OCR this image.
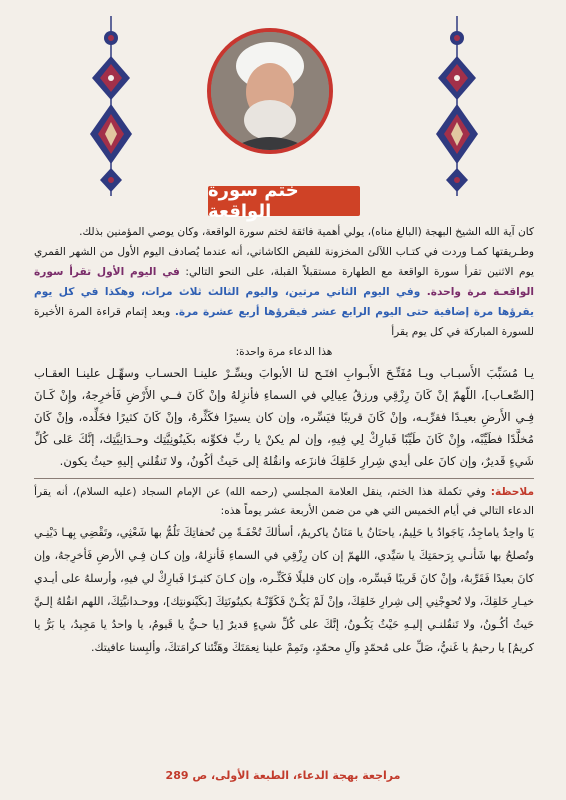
ختم سورة الواقعة

كان آية الله الشيخ البهجة (البالغ مناه)، يولي أهمية فائقة لختم سورة الواقعة، وكان يوصي المؤمنين بذلك.

وطـريقتها كمـا وردت في كتـاب اللآلئ المخزونة للفيض الكاشاني، أنه عندما يُصادف اليوم الأول من الشهر القمري يوم الاثنين تقرأ سورة الواقعة مع الطهارة مستقبلاً القبلة، على النحو التالي: في اليوم الأول تقرأ سورة الواقعـة مرة واحدة. وفي اليوم الثاني مرتين، واليوم الثالث ثلاث مرات، وهكذا في كل يوم يقرؤها مرة إضافية حتى اليوم الرابع عشر فيقرؤها أربع عشرة مرة. وبعد إتمام قراءة المرة الأخيرة للسورة المباركة في كل يوم يقرأ

هذا الدعاء مرة واحدة:

يـا مُسَبِّبَ الأَسبـاب ويـا مُفَتِّـحَ الأَبـوابِ افتَـح لنا الأبوابَ ويسِّـرْ علينـا الحسـاب وسهِّـل علينـا العقـاب [الصِّعـاب]، اللّهمّ إنْ كَانَ رِزْقِي ورزقُ عِيالِي في السماءِ فأنزِلهُ وإنْ كَانَ فــي الأَرْضِ فَأخرِجهُ، وإِنْ كَـانَ فِـي الأَرضِ بعيـدًا فقرِّبـه، وإنْ كَانَ قريبًا فيَسِّره، وإن كان يسيرًا فكَثِّرهُ، وإنْ كَانَ كثيرًا فخَلِّده، وإنْ كَانَ مُخلَّدًا فطَيِّبْه، وإِنْ كَانَ طَيِّبًا فَبارِكْ لِي فِيهِ، وإن لم يكنْ يا ربِّ فكوِّنه بكَينُونِيَّتِك وحـدَانِيَّتِك، إنَّكَ عَلى كُلِّ شَيءٍ قَديرٌ، وإن كانَ على أيدي شِرارِ خَلقِكَ فانزَعه وانقُلهُ إلى حَيثُ أكُونُ، ولا تَنقُلني إليهِ حيثُ يكون.

ملاحظة: وفي تكملة هذا الختم، ينقل العلامة المجلسي (رحمه الله) عن الإمام السجاد (عليه السلام)، أنه يقرأ الدعاء التالي في أيام الخميس التي هي من ضمن الأربعة عشر يوماً هذه:

يَا واحِدُ ياماجِدُ، يَاجَوادُ يا حَلِيمُ، ياحنَانُ يا مَنَانُ ياكريمُ، أسألكَ تُحْفَـةً مِن تُحفاتِكَ تَلُمُّ بها شَعْثِي، وتَقْضِي بِهـا دَيْنِـي وتُصلحُ بها شَأنـي بِرَحمَتِكَ يا سَيِّدي، اللهمّ إن كان رِزْقِي في السماءِ فَأنزِلهُ، وإن كـان فِـي الأرضِ فَأخرِجهُ، وإن كانَ بعيدًا فَقَرِّبهُ، وإنْ كانَ قَريبًا فَيسِّره، وإن كان قليلًا فَكَثِّـره، وإن كـانَ كثيـرًا فَبارِكْ لي فيهِ، وأرسلهُ على أيـدي خيـارِ خَلقِكَ، ولا تُحوِجْنِي إلى شِرارِ خَلقِكَ، وإنْ لَمْ يَكُـنْ فَكَوِّنْـهُ بكينُونَتِكَ [بكَيْنونتِك]، ووحـدانيَّتِكَ، اللهم انقُلهُ إلـيَّ حَيثُ أكُـونُ، ولا تَنقُلنـي إليـهِ حَيْثُ يَكُـونُ، إنَّكَ على كُلِّ شيءٍ قديرٌ [يا حـيُّ يا قَيومُ، يا واحدُ يا مَجِيدُ، يا بَرُّ يا كريمُ] يا رحيمُ يا غَنيُّ، صَلِّ على مُحمّدٍ وآلِ محمّدٍ، وتَمِمْ علينا نِعمَتَكَ وهَنِّئنا كرامَتكَ، وألبِسنا عافيتك.

مراجعة بهجة الدعاء، الطبعة الأولى، ص 289
